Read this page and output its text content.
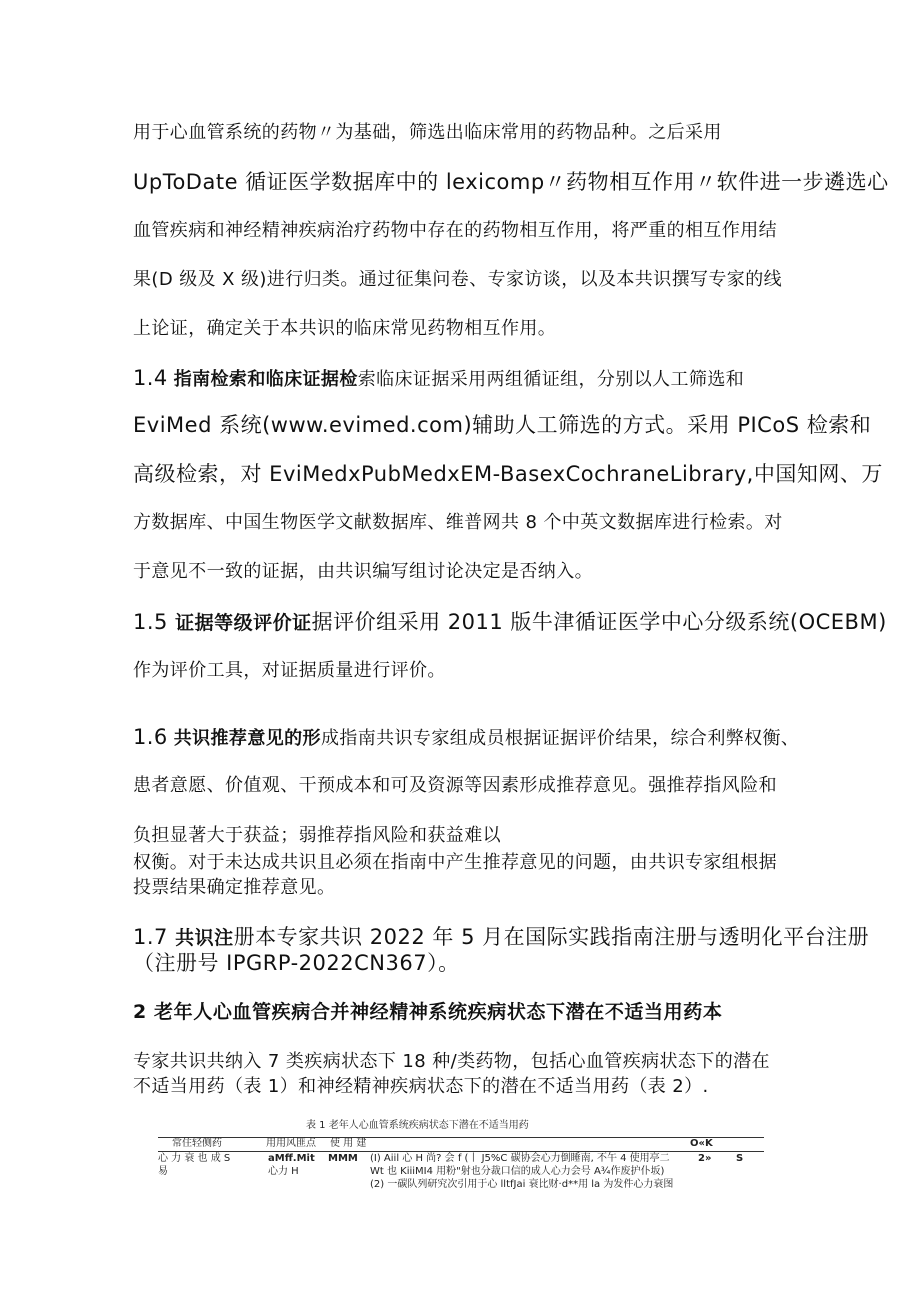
用于心血管系统的药物〃为基础，筛选出临床常用的药物品种。之后采用
UpToDate 循证医学数据库中的 lexicomp〃药物相互作用〃软件进一步遴选心
血管疾病和神经精神疾病治疗药物中存在的药物相互作用，将严重的相互作用结
果(D 级及 X 级)进行归类。通过征集问卷、专家访谈，以及本共识撰写专家的线
上论证，确定关于本共识的临床常见药物相互作用。
1.4 指南检索和临床证据检索临床证据采用两组循证组，分别以人工筛选和
EviMed 系统(www.evimed.com)辅助人工筛选的方式。采用 PICoS 检索和
高级检索，对 EviMedxPubMedxEM-BasexCochraneLibrary,中国知网、万
方数据库、中国生物医学文献数据库、维普网共 8 个中英文数据库进行检索。对
于意见不一致的证据，由共识编写组讨论决定是否纳入。
1.5 证据等级评价证据评价组采用 2011 版牛津循证医学中心分级系统(OCEBM)
作为评价工具，对证据质量进行评价。
1.6 共识推荐意见的形成指南共识专家组成员根据证据评价结果，综合利弊权衡、
患者意愿、价值观、干预成本和可及资源等因素形成推荐意见。强推荐指风险和
负担显著大于获益；弱推荐指风险和获益难以
权衡。对于未达成共识且必须在指南中产生推荐意见的问题，由共识专家组根据
投票结果确定推荐意见。
1.7 共识注册本专家共识 2022 年 5 月在国际实践指南注册与透明化平台注册
（注册号 IPGRP-2022CN367）。
2 老年人心血管疾病合并神经精神系统疾病状态下潜在不适当用药本
专家共识共纳入 7 类疾病状态下 18 种/类药物，包括心血管疾病状态下的潜在
不适当用药（表 1）和神经精神疾病状态下的潜在不适当用药（表 2）.
表 1 老年人心血管系统疾病状态下潜在不适当用药
常住轻侧药	用用风匪点 使 用 建	O«K
心 力 衰 也 成 S
易
aMff.Mit
心力 H
MMM (I) Aiil 心 H 尚? 会 f (丨 J5%C 碳协会心力倒睡南, 不午 4 使用亭二
Wt 也 KiiiMI4 用粉"射也分裁口信的成人心力会号 A¾作废护仆坂)
(2) 一碳队列研究次引用于心 lltfJai 衰比财·d**用 la 为发件心力衰图
2» S
